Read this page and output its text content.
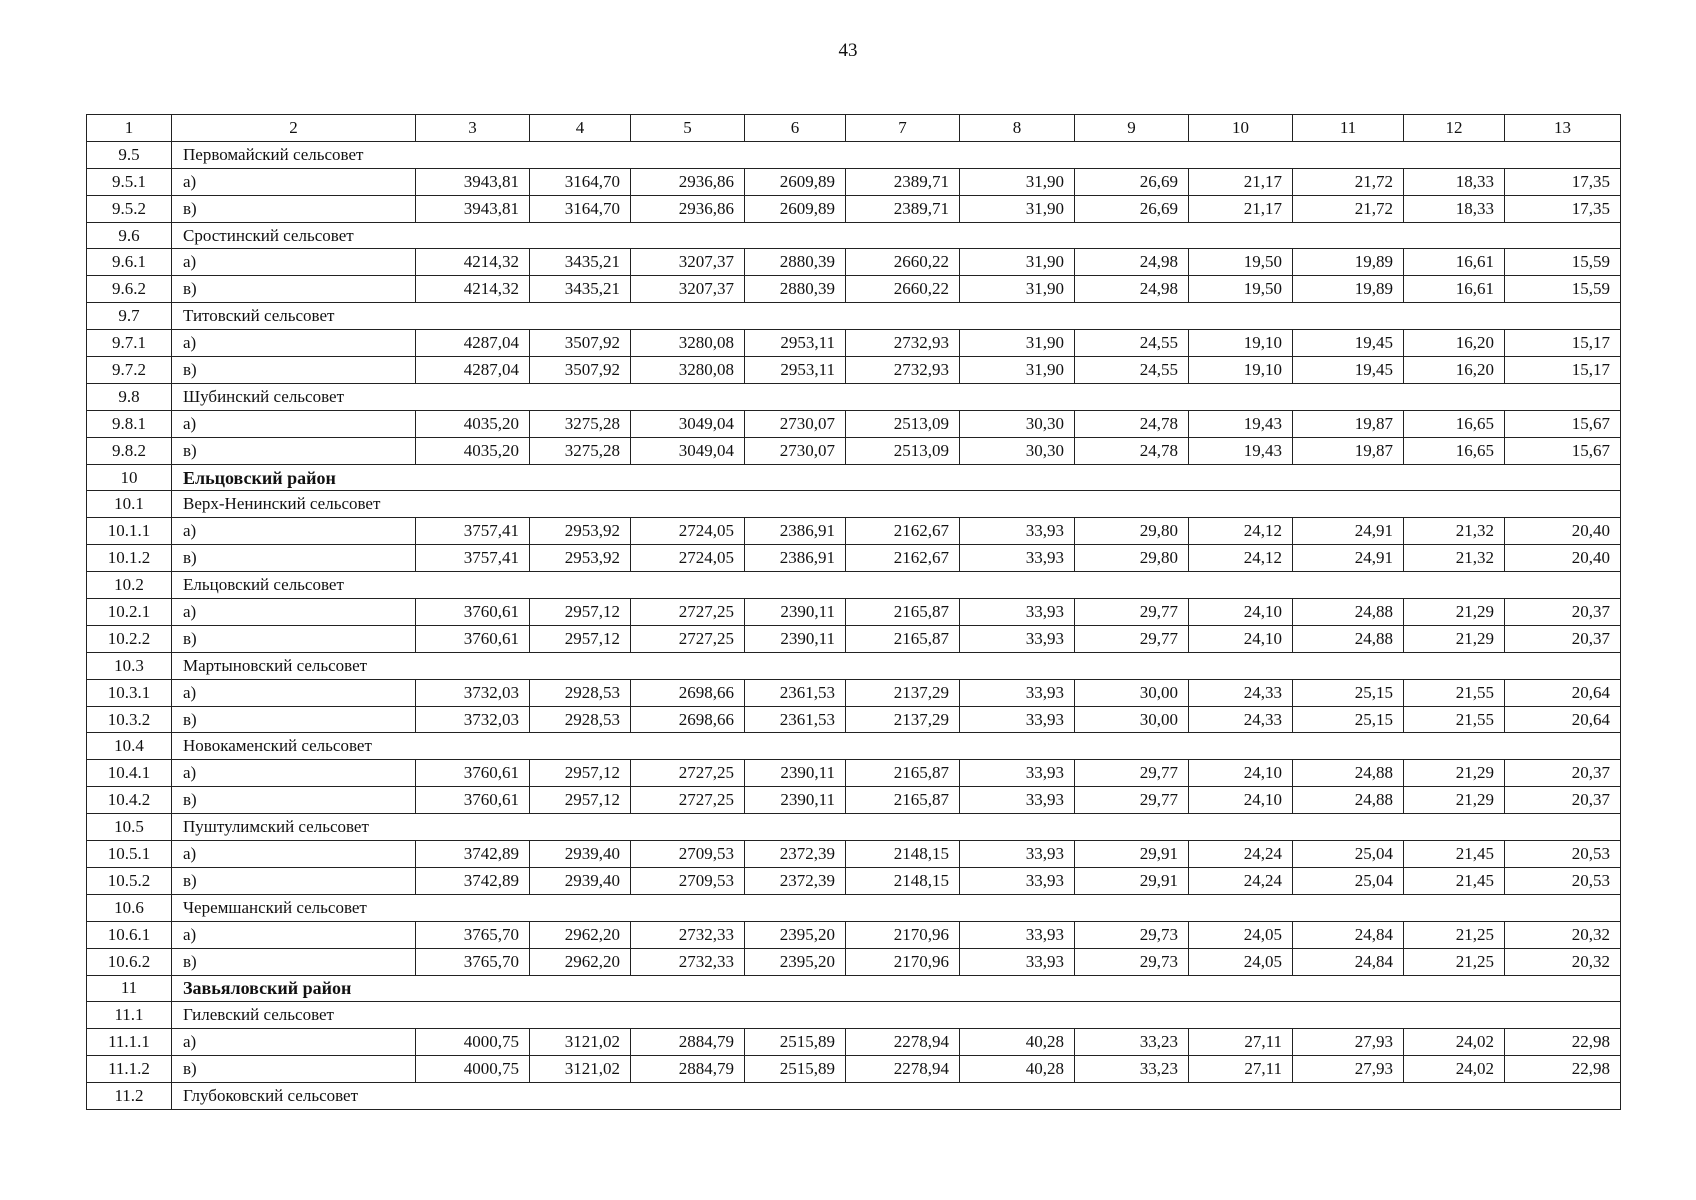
43
1	2	3	4	5	6	7	8	9	10	11	12	13
9.5	Первомайский сельсовет											
9.5.1	а)	3943,81	3164,70	2936,86	2609,89	2389,71	31,90	26,69	21,17	21,72	18,33	17,35
9.5.2	в)	3943,81	3164,70	2936,86	2609,89	2389,71	31,90	26,69	21,17	21,72	18,33	17,35
9.6	Сростинский сельсовет											
9.6.1	а)	4214,32	3435,21	3207,37	2880,39	2660,22	31,90	24,98	19,50	19,89	16,61	15,59
9.6.2	в)	4214,32	3435,21	3207,37	2880,39	2660,22	31,90	24,98	19,50	19,89	16,61	15,59
9.7	Титовский сельсовет											
9.7.1	а)	4287,04	3507,92	3280,08	2953,11	2732,93	31,90	24,55	19,10	19,45	16,20	15,17
9.7.2	в)	4287,04	3507,92	3280,08	2953,11	2732,93	31,90	24,55	19,10	19,45	16,20	15,17
9.8	Шубинский сельсовет											
9.8.1	а)	4035,20	3275,28	3049,04	2730,07	2513,09	30,30	24,78	19,43	19,87	16,65	15,67
9.8.2	в)	4035,20	3275,28	3049,04	2730,07	2513,09	30,30	24,78	19,43	19,87	16,65	15,67
10	Ельцовский район											
10.1	Верх-Ненинский сельсовет											
10.1.1	а)	3757,41	2953,92	2724,05	2386,91	2162,67	33,93	29,80	24,12	24,91	21,32	20,40
10.1.2	в)	3757,41	2953,92	2724,05	2386,91	2162,67	33,93	29,80	24,12	24,91	21,32	20,40
10.2	Ельцовский сельсовет											
10.2.1	а)	3760,61	2957,12	2727,25	2390,11	2165,87	33,93	29,77	24,10	24,88	21,29	20,37
10.2.2	в)	3760,61	2957,12	2727,25	2390,11	2165,87	33,93	29,77	24,10	24,88	21,29	20,37
10.3	Мартыновский сельсовет											
10.3.1	а)	3732,03	2928,53	2698,66	2361,53	2137,29	33,93	30,00	24,33	25,15	21,55	20,64
10.3.2	в)	3732,03	2928,53	2698,66	2361,53	2137,29	33,93	30,00	24,33	25,15	21,55	20,64
10.4	Новокаменский сельсовет											
10.4.1	а)	3760,61	2957,12	2727,25	2390,11	2165,87	33,93	29,77	24,10	24,88	21,29	20,37
10.4.2	в)	3760,61	2957,12	2727,25	2390,11	2165,87	33,93	29,77	24,10	24,88	21,29	20,37
10.5	Пуштулимский сельсовет											
10.5.1	а)	3742,89	2939,40	2709,53	2372,39	2148,15	33,93	29,91	24,24	25,04	21,45	20,53
10.5.2	в)	3742,89	2939,40	2709,53	2372,39	2148,15	33,93	29,91	24,24	25,04	21,45	20,53
10.6	Черемшанский сельсовет											
10.6.1	а)	3765,70	2962,20	2732,33	2395,20	2170,96	33,93	29,73	24,05	24,84	21,25	20,32
10.6.2	в)	3765,70	2962,20	2732,33	2395,20	2170,96	33,93	29,73	24,05	24,84	21,25	20,32
11	Завьяловский район											
11.1	Гилевский сельсовет											
11.1.1	а)	4000,75	3121,02	2884,79	2515,89	2278,94	40,28	33,23	27,11	27,93	24,02	22,98
11.1.2	в)	4000,75	3121,02	2884,79	2515,89	2278,94	40,28	33,23	27,11	27,93	24,02	22,98
11.2	Глубоковский сельсовет											
